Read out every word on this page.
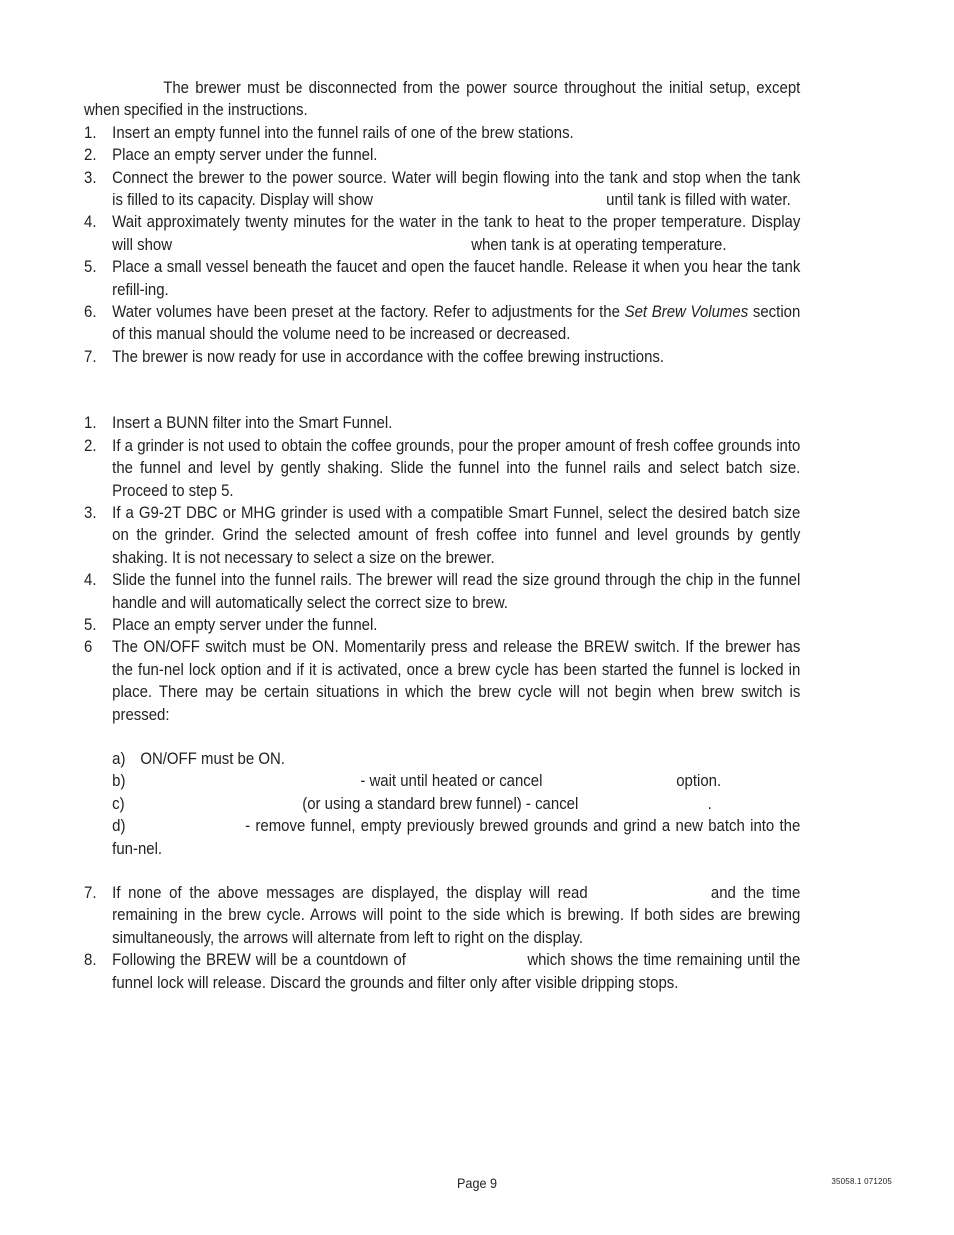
The brewer must be disconnected from the power source throughout the initial setup, except when specified in the instructions.

1. Insert an empty funnel into the funnel rails of one of the brew stations.
2. Place an empty server under the funnel.
3. Connect the brewer to the power source. Water will begin flowing into the tank and stop when the tank is filled to its capacity. Display will show	until tank is filled with water.
4. Wait approximately twenty minutes for the water in the tank to heat to the proper temperature. Display will show	when tank is at operating temperature.
5. Place a small vessel beneath the faucet and open the faucet handle. Release it when you hear the tank refill-ing.
6. Water volumes have been preset at the factory. Refer to adjustments for the Set Brew Volumes section of this manual should the volume need to be increased or decreased.
7. The brewer is now ready for use in accordance with the coffee brewing instructions.
1. Insert a BUNN filter into the Smart Funnel.
2. If a grinder is not used to obtain the coffee grounds, pour the proper amount of fresh coffee grounds into the funnel and level by gently shaking. Slide the funnel into the funnel rails and select batch size. Proceed to step 5.
3. If a G9-2T DBC or MHG grinder is used with a compatible Smart Funnel, select the desired batch size on the grinder. Grind the selected amount of fresh coffee into funnel and level grounds by gently shaking. It is not necessary to select a size on the brewer.
4. Slide the funnel into the funnel rails. The brewer will read the size ground through the chip in the funnel handle and will automatically select the correct size to brew.
5. Place an empty server under the funnel.
6 The ON/OFF switch must be ON. Momentarily press and release the BREW switch. If the brewer has the fun-nel lock option and if it is activated, once a brew cycle has been started the funnel is locked in place. There may be certain situations in which the brew cycle will not begin when brew switch is pressed:
a) ON/OFF must be ON.
b)	- wait until heated or cancel	option.
c)	(or using a standard brew funnel) - cancel	.
d)	- remove funnel, empty previously brewed grounds and grind a new batch into the fun-nel.
7. If none of the above messages are displayed, the display will read	and the time remaining in the brew cycle. Arrows will point to the side which is brewing. If both sides are brewing simultaneously, the arrows will alternate from left to right on the display.
8. Following the BREW will be a countdown of	which shows the time remaining until the funnel lock will release. Discard the grounds and filter only after visible dripping stops.
Page 9	35058.1 071205
